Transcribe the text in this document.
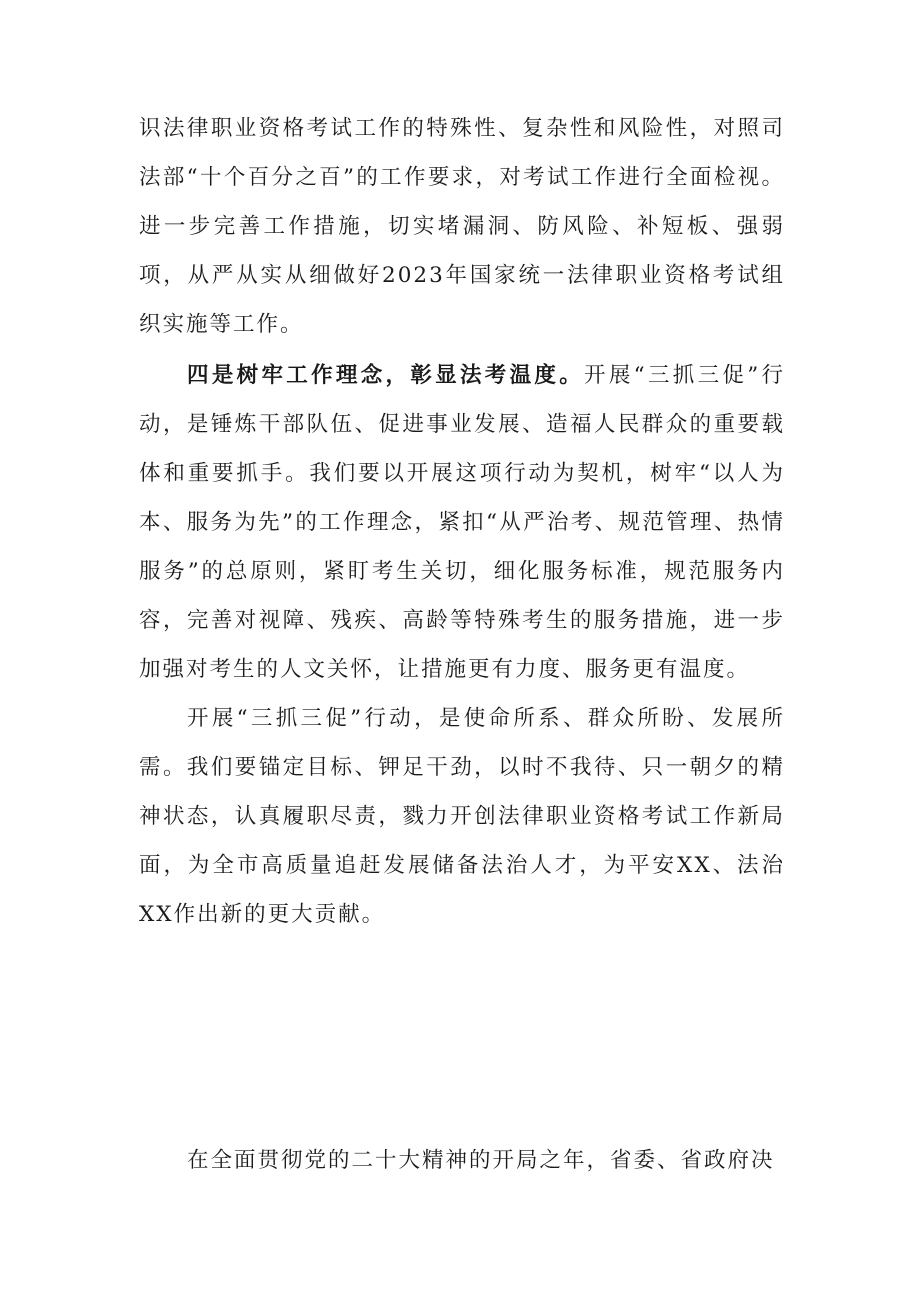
识法律职业资格考试工作的特殊性、复杂性和风险性，对照司法部“十个百分之百”的工作要求，对考试工作进行全面检视。进一步完善工作措施，切实堵漏洞、防风险、补短板、强弱项，从严从实从细做好2023年国家统一法律职业资格考试组织实施等工作。

四是树牢工作理念，彰显法考温度。开展“三抓三促”行动，是锤炼干部队伍、促进事业发展、造福人民群众的重要载体和重要抓手。我们要以开展这项行动为契机，树牢“以人为本、服务为先”的工作理念，紧扣“从严治考、规范管理、热情服务”的总原则，紧盯考生关切，细化服务标准，规范服务内容，完善对视障、残疾、高龄等特殊考生的服务措施，进一步加强对考生的人文关怀，让措施更有力度、服务更有温度。

开展“三抓三促”行动，是使命所系、群众所盼、发展所需。我们要锚定目标、钾足干劲，以时不我待、只一朝夕的精神状态，认真履职尽责，戮力开创法律职业资格考试工作新局面，为全市高质量追赶发展储备法治人才，为平安XX、法治XX作出新的更大贡献。

在全面贯彻党的二十大精神的开局之年，省委、省政府决
